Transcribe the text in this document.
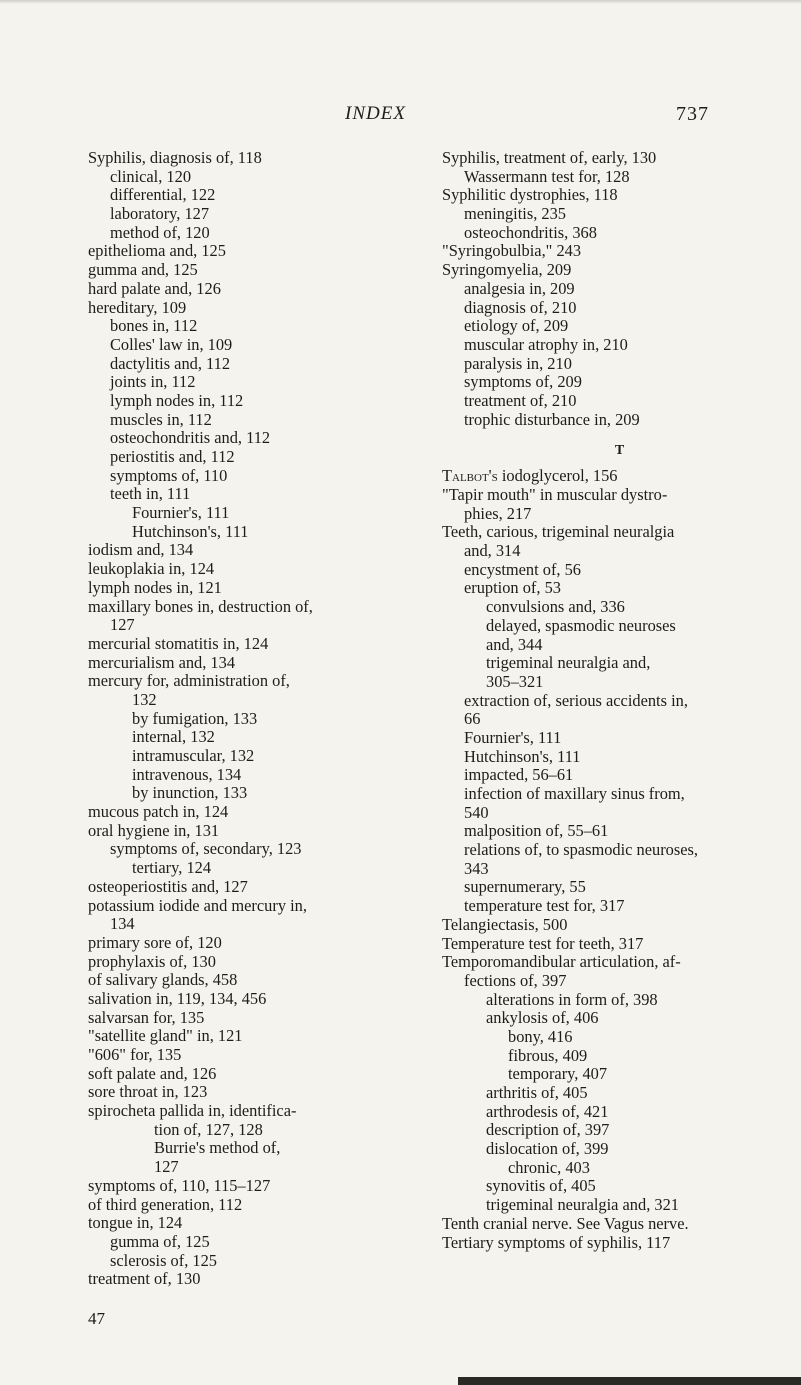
INDEX	737
Syphilis, diagnosis of, 118
clinical, 120
differential, 122
laboratory, 127
method of, 120
epithelioma and, 125
gumma and, 125
hard palate and, 126
hereditary, 109
bones in, 112
Colles' law in, 109
dactylitis and, 112
joints in, 112
lymph nodes in, 112
muscles in, 112
osteochondritis and, 112
periostitis and, 112
symptoms of, 110
teeth in, 111
Fournier's, 111
Hutchinson's, 111
iodism and, 134
leukoplakia in, 124
lymph nodes in, 121
maxillary bones in, destruction of,
127
mercurial stomatitis in, 124
mercurialism and, 134
mercury for, administration of,
132
by fumigation, 133
internal, 132
intramuscular, 132
intravenous, 134
by inunction, 133
mucous patch in, 124
oral hygiene in, 131
symptoms of, secondary, 123
tertiary, 124
osteoperiostitis and, 127
potassium iodide and mercury in,
134
primary sore of, 120
prophylaxis of, 130
of salivary glands, 458
salivation in, 119, 134, 456
salvarsan for, 135
"satellite gland" in, 121
"606" for, 135
soft palate and, 126
sore throat in, 123
spirocheta pallida in, identifica-
tion of, 127, 128
Burrie's method of,
127
symptoms of, 110, 115–127
of third generation, 112
tongue in, 124
gumma of, 125
sclerosis of, 125
treatment of, 130
Syphilis, treatment of, early, 130
Wassermann test for, 128
Syphilitic dystrophies, 118
meningitis, 235
osteochondritis, 368
"Syringobulbia," 243
Syringomyelia, 209
analgesia in, 209
diagnosis of, 210
etiology of, 209
muscular atrophy in, 210
paralysis in, 210
symptoms of, 209
treatment of, 210
trophic disturbance in, 209
T
Talbot's iodoglycerol, 156
"Tapir mouth" in muscular dystro-
phies, 217
Teeth, carious, trigeminal neuralgia
and, 314
encystment of, 56
eruption of, 53
convulsions and, 336
delayed, spasmodic neuroses
and, 344
trigeminal neuralgia and,
305–321
extraction of, serious accidents in,
66
Fournier's, 111
Hutchinson's, 111
impacted, 56–61
infection of maxillary sinus from,
540
malposition of, 55–61
relations of, to spasmodic neuroses,
343
supernumerary, 55
temperature test for, 317
Telangiectasis, 500
Temperature test for teeth, 317
Temporomandibular articulation, af-
fections of, 397
alterations in form of, 398
ankylosis of, 406
bony, 416
fibrous, 409
temporary, 407
arthritis of, 405
arthrodesis of, 421
description of, 397
dislocation of, 399
chronic, 403
synovitis of, 405
trigeminal neuralgia and, 321
Tenth cranial nerve. See Vagus nerve.
Tertiary symptoms of syphilis, 117
47
